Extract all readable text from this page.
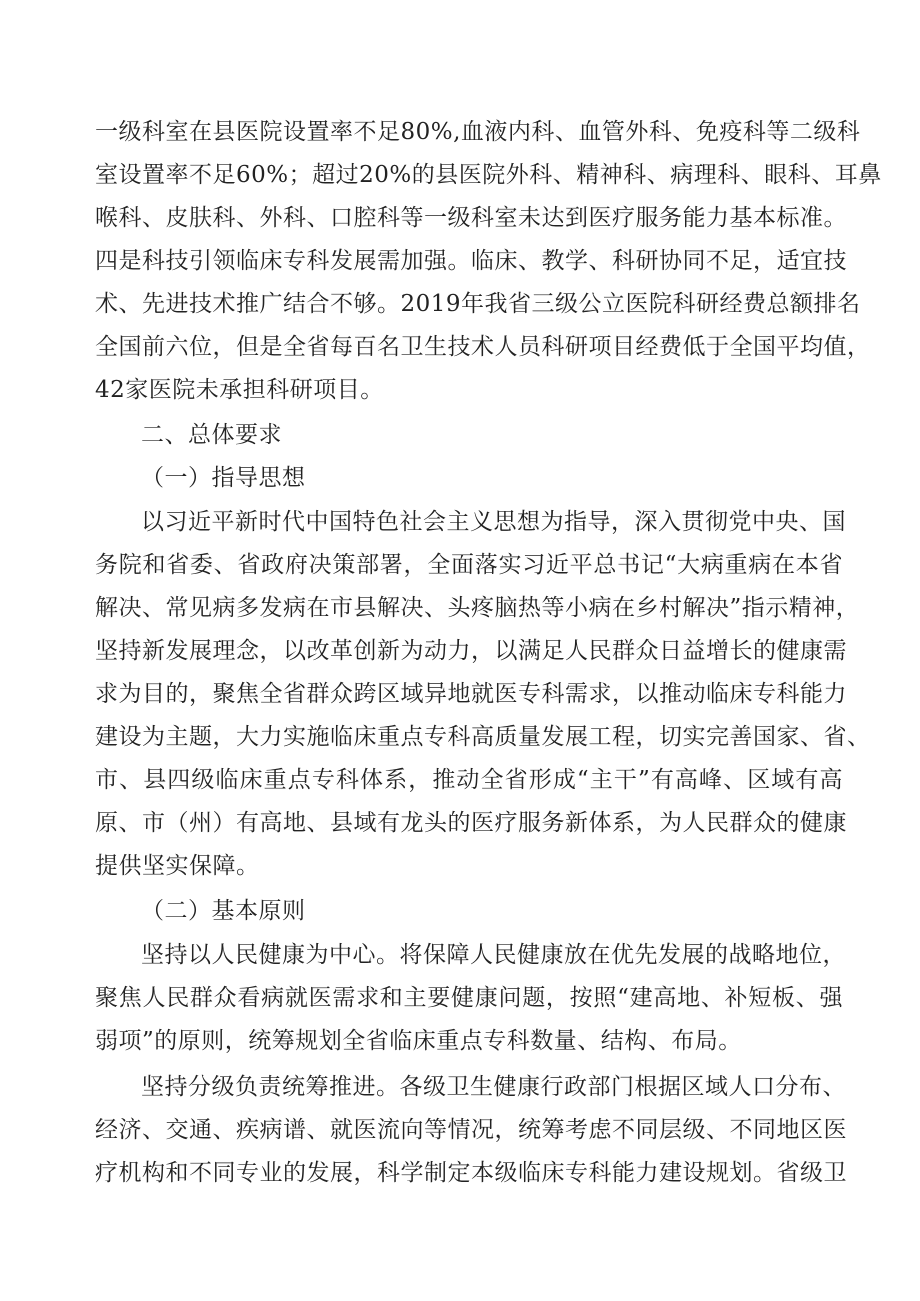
一级科室在县医院设置率不足80%,血液内科、血管外科、免疫科等二级科

室设置率不足60%；超过20%的县医院外科、精神科、病理科、眼科、耳鼻

喉科、皮肤科、外科、口腔科等一级科室未达到医疗服务能力基本标准。

四是科技引领临床专科发展需加强。临床、教学、科研协同不足，适宜技

术、先进技术推广结合不够。2019年我省三级公立医院科研经费总额排名

全国前六位，但是全省每百名卫生技术人员科研项目经费低于全国平均值，

42家医院未承担科研项目。

二、总体要求

（一）指导思想

以习近平新时代中国特色社会主义思想为指导，深入贯彻党中央、国

务院和省委、省政府决策部署，全面落实习近平总书记“大病重病在本省

解决、常见病多发病在市县解决、头疼脑热等小病在乡村解决”指示精神，

坚持新发展理念，以改革创新为动力，以满足人民群众日益增长的健康需

求为目的，聚焦全省群众跨区域异地就医专科需求，以推动临床专科能力

建设为主题，大力实施临床重点专科高质量发展工程，切实完善国家、省、

市、县四级临床重点专科体系，推动全省形成“主干”有高峰、区域有高

原、市（州）有高地、县域有龙头的医疗服务新体系，为人民群众的健康

提供坚实保障。

（二）基本原则

坚持以人民健康为中心。将保障人民健康放在优先发展的战略地位，

聚焦人民群众看病就医需求和主要健康问题，按照“建高地、补短板、强

弱项”的原则，统筹规划全省临床重点专科数量、结构、布局。

坚持分级负责统筹推进。各级卫生健康行政部门根据区域人口分布、

经济、交通、疾病谱、就医流向等情况，统筹考虑不同层级、不同地区医

疗机构和不同专业的发展，科学制定本级临床专科能力建设规划。省级卫
